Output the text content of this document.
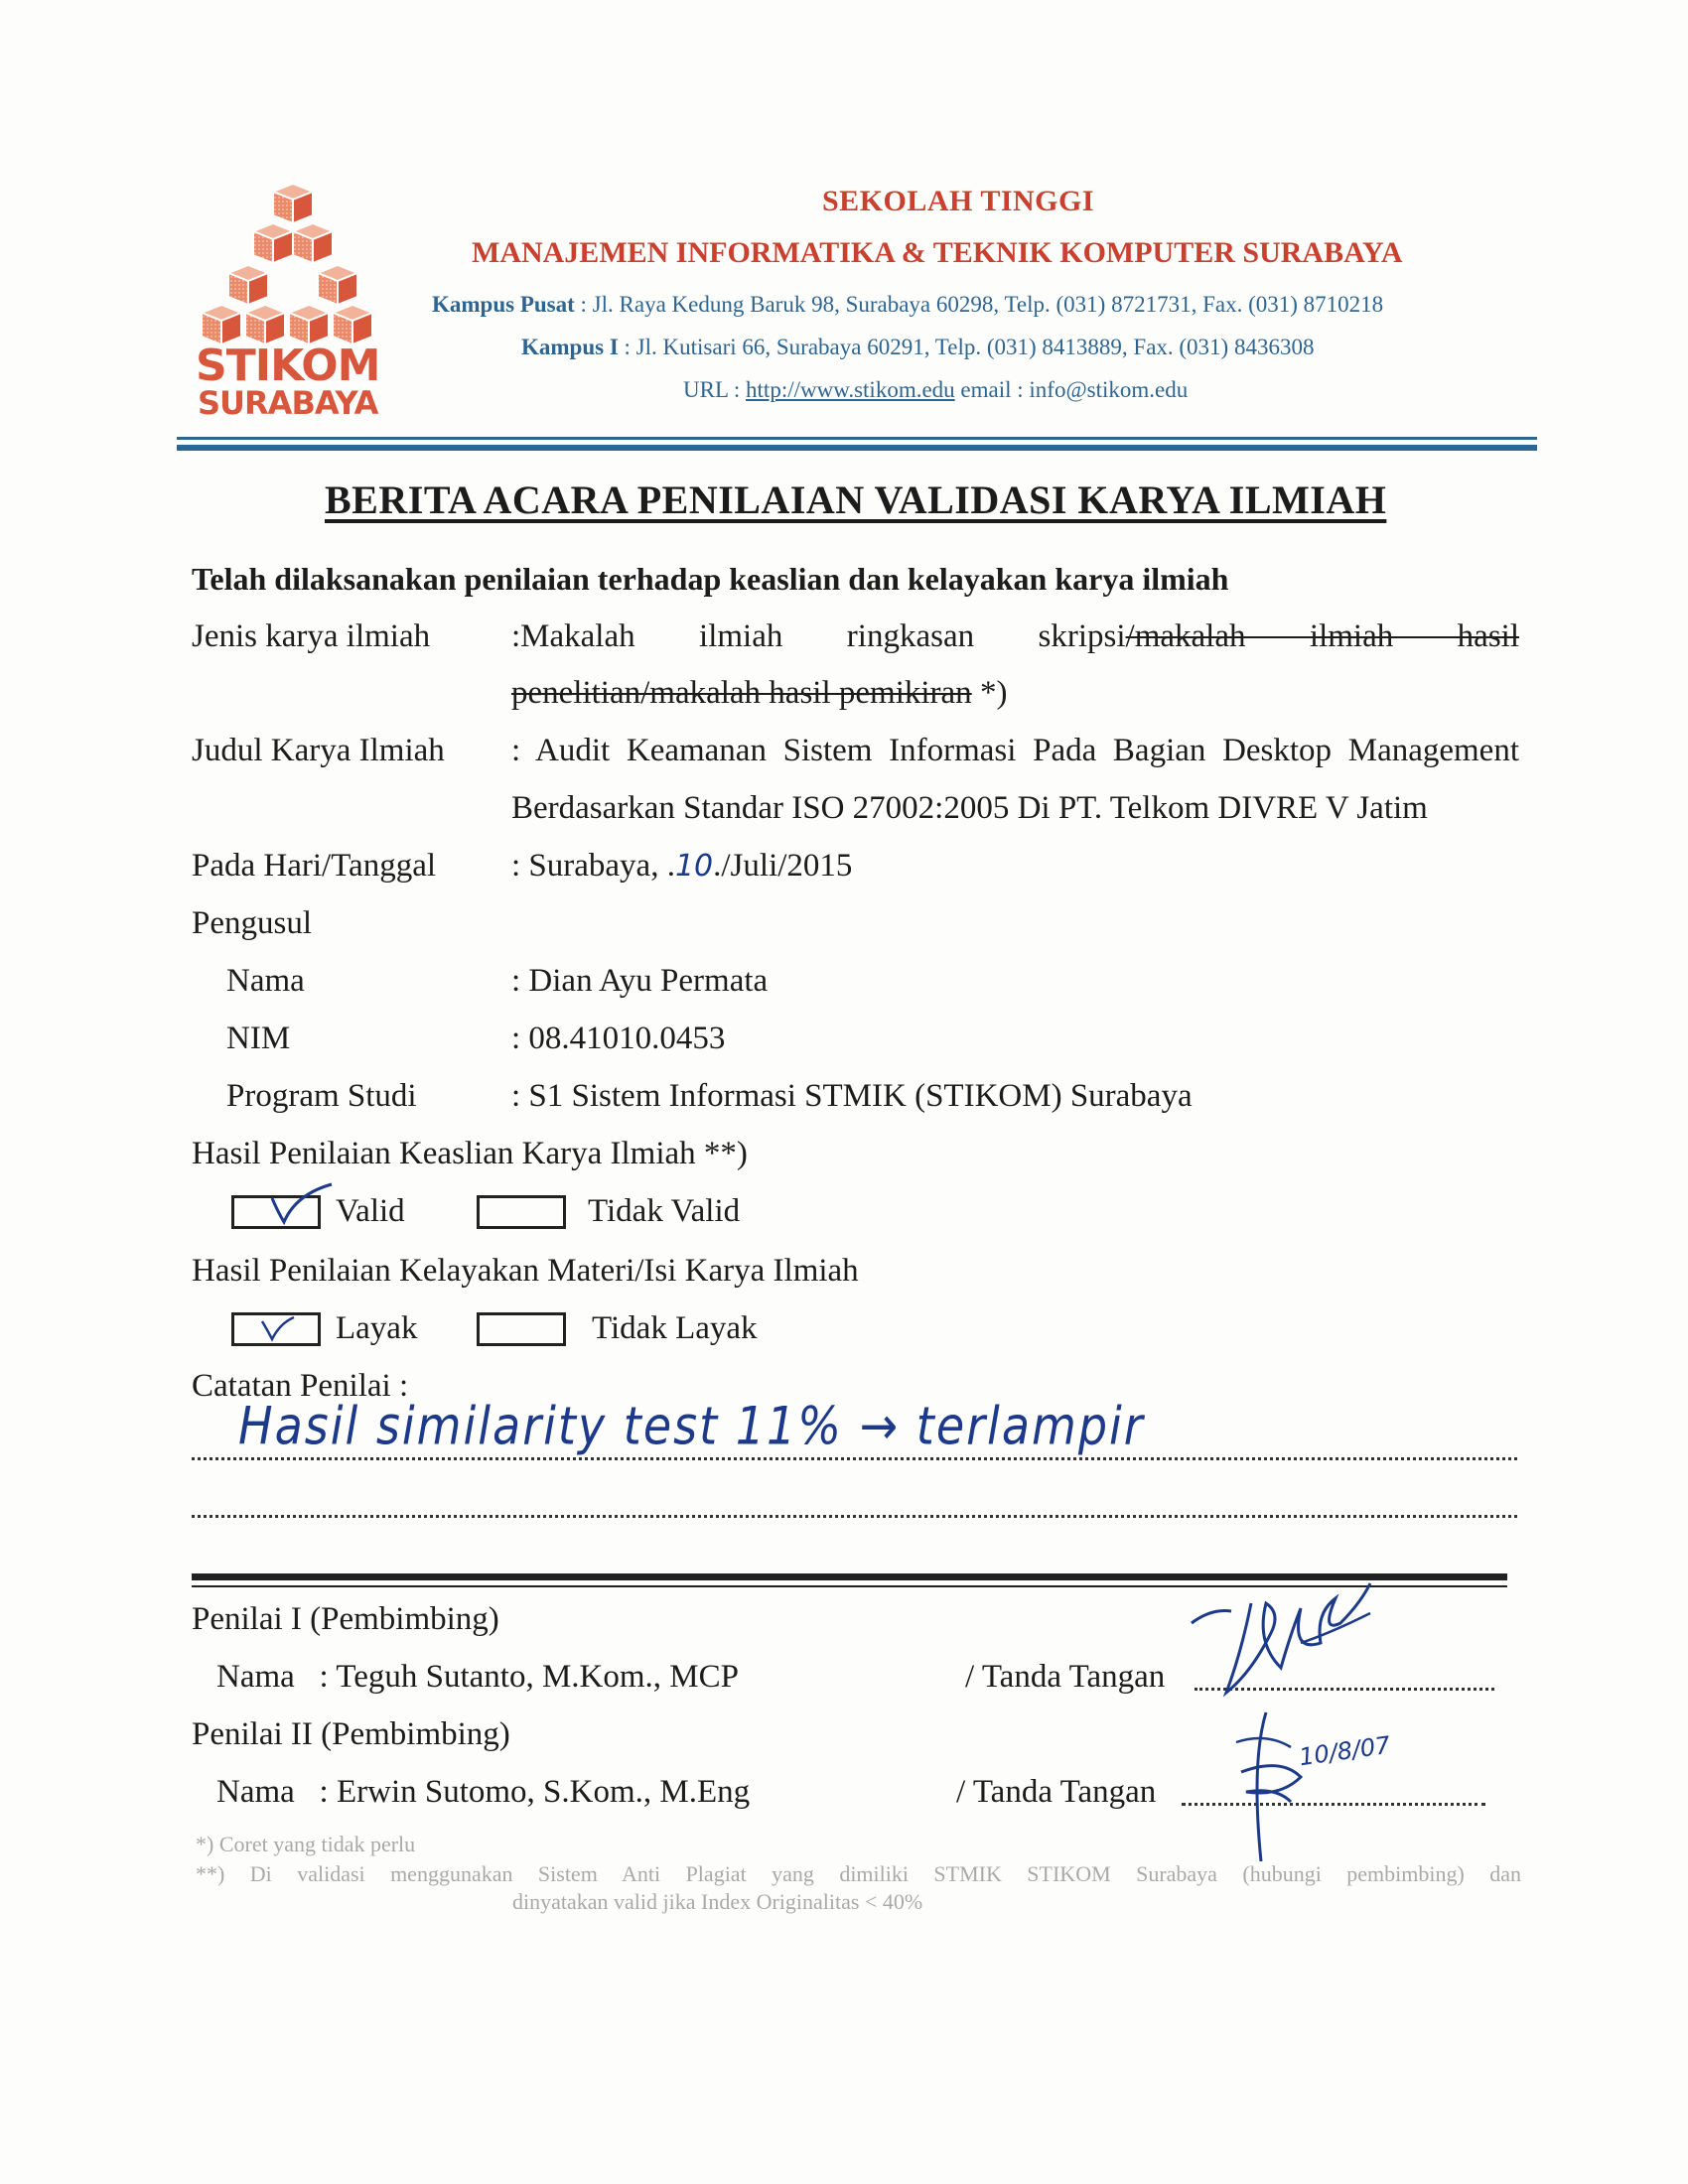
STIKOM
SURABAYA
SEKOLAH TINGGI
MANAJEMEN INFORMATIKA & TEKNIK KOMPUTER SURABAYA
Kampus Pusat : Jl. Raya Kedung Baruk 98, Surabaya 60298, Telp. (031) 8721731, Fax. (031) 8710218
Kampus I : Jl. Kutisari 66, Surabaya 60291, Telp. (031) 8413889, Fax. (031) 8436308
URL : http://www.stikom.edu email : info@stikom.edu
BERITA ACARA PENILAIAN VALIDASI KARYA ILMIAH
Telah dilaksanakan penilaian terhadap keaslian dan kelayakan karya ilmiah
Jenis karya ilmiah :Makalah ilmiah ringkasan skripsi/makalah ilmiah hasil
penelitian/makalah hasil pemikiran *)
Judul Karya Ilmiah : Audit Keamanan Sistem Informasi Pada Bagian Desktop Management
Berdasarkan Standar ISO 27002:2005 Di PT. Telkom DIVRE V Jatim
Pada Hari/Tanggal : Surabaya, .10./Juli/2015
Pengusul
Nama	: Dian Ayu Permata
NIM	: 08.41010.0453
Program Studi	: S1 Sistem Informasi STMIK (STIKOM) Surabaya
Hasil Penilaian Keaslian Karya Ilmiah **)
Valid	Tidak Valid
Hasil Penilaian Kelayakan Materi/Isi Karya Ilmiah
Layak	Tidak Layak
Catatan Penilai :
Hasil similarity test 11% → terlampir
Penilai I (Pembimbing)
Nama   : Teguh Sutanto, M.Kom., MCP	/ Tanda Tangan
Penilai II (Pembimbing)
Nama   : Erwin Sutomo, S.Kom., M.Eng	/ Tanda Tangan
10/8/07
*) Coret yang tidak perlu
**) Di validasi menggunakan Sistem Anti Plagiat yang dimiliki STMIK STIKOM Surabaya (hubungi pembimbing) dan
dinyatakan valid jika Index Originalitas < 40%
